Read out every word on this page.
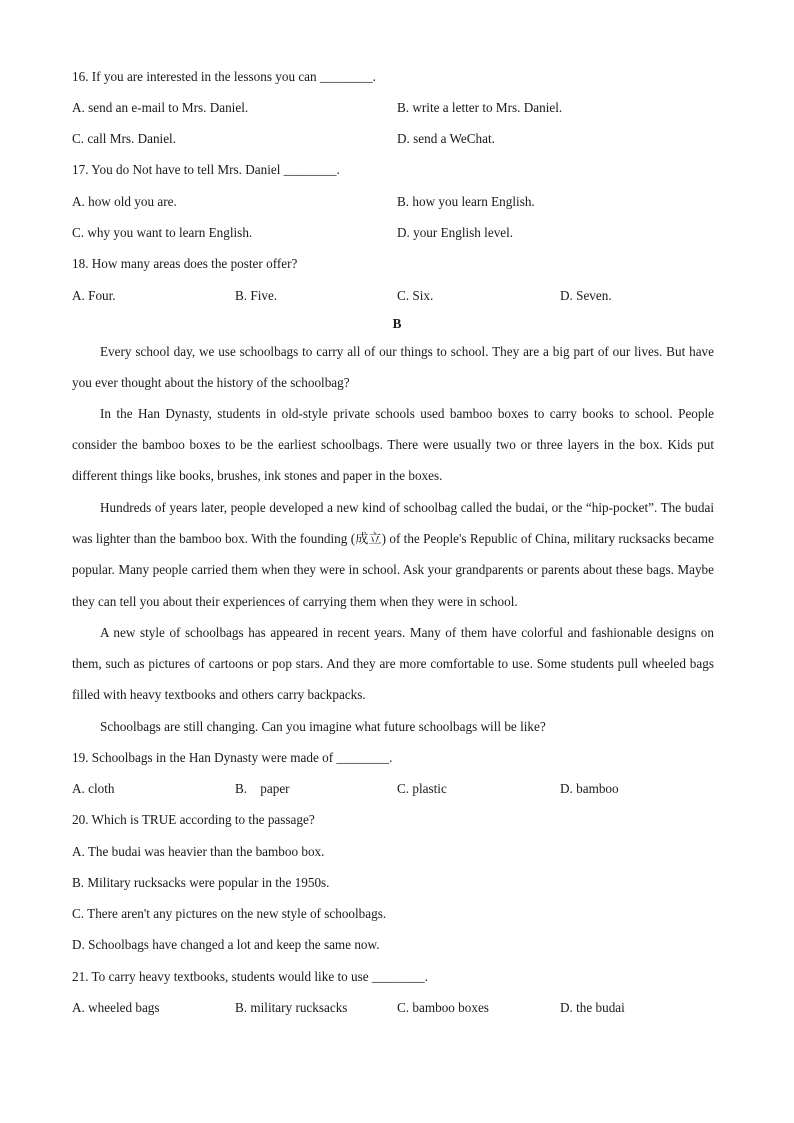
16. If you are interested in the lessons you can ________.
A. send an e-mail to Mrs. Daniel.	B. write a letter to Mrs. Daniel.
C. call Mrs. Daniel.	D. send a WeChat.
17. You do Not have to tell Mrs. Daniel ________.
A. how old you are.	B. how you learn English.
C. why you want to learn English.	D. your English level.
18. How many areas does the poster offer?
A. Four.	B. Five.	C. Six.	D. Seven.
B
Every school day, we use schoolbags to carry all of our things to school. They are a big part of our lives. But have you ever thought about the history of the schoolbag?
In the Han Dynasty, students in old-style private schools used bamboo boxes to carry books to school. People consider the bamboo boxes to be the earliest schoolbags. There were usually two or three layers in the box. Kids put different things like books, brushes, ink stones and paper in the boxes.
Hundreds of years later, people developed a new kind of schoolbag called the budai, or the “hip-pocket”. The budai was lighter than the bamboo box. With the founding (成立) of the People's Republic of China, military rucksacks became popular. Many people carried them when they were in school. Ask your grandparents or parents about these bags. Maybe they can tell you about their experiences of carrying them when they were in school.
A new style of schoolbags has appeared in recent years. Many of them have colorful and fashionable designs on them, such as pictures of cartoons or pop stars. And they are more comfortable to use. Some students pull wheeled bags filled with heavy textbooks and others carry backpacks.
Schoolbags are still changing. Can you imagine what future schoolbags will be like?
19. Schoolbags in the Han Dynasty were made of ________.
A. cloth	B.    paper	C. plastic	D. bamboo
20. Which is TRUE according to the passage?
A. The budai was heavier than the bamboo box.
B. Military rucksacks were popular in the 1950s.
C. There aren't any pictures on the new style of schoolbags.
D. Schoolbags have changed a lot and keep the same now.
21. To carry heavy textbooks, students would like to use ________.
A. wheeled bags	B. military rucksacks	C. bamboo boxes	D. the budai
